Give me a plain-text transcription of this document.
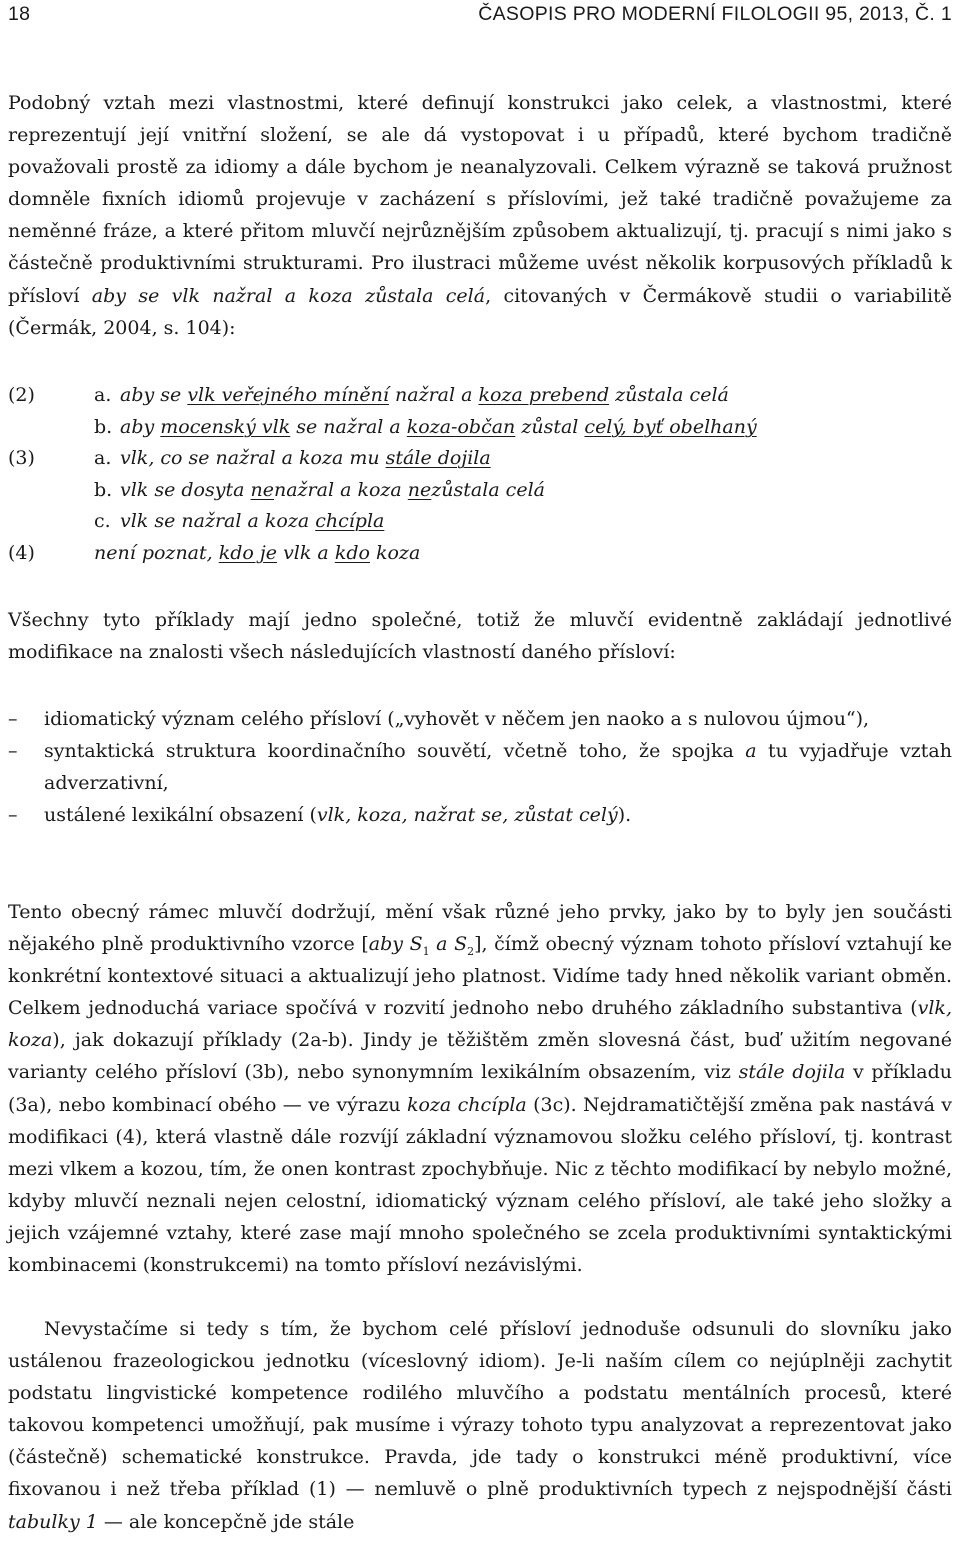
18	ČASOPIS PRO MODERNÍ FILOLOGII 95, 2013, Č. 1

Podobný vztah mezi vlastnostmi, které definují konstrukci jako celek, a vlastnostmi, které reprezentují její vnitřní složení, se ale dá vystopovat i u případů, které bychom tradičně považovali prostě za idiomy a dále bychom je neanalyzovali. Celkem výrazně se taková pružnost domněle fixních idiomů projevuje v zacházení s příslovími, jež také tradičně považujeme za neměnné fráze, a které přitom mluvčí nejrůznějším způsobem aktualizují, tj. pracují s nimi jako s částečně produktivními strukturami. Pro ilustraci můžeme uvést několik korpusových příkladů k přísloví aby se vlk nažral a koza zůstala celá, citovaných v Čermákově studii o variabilitě (Čermák, 2004, s. 104):

(2)	a. aby se vlk veřejného mínění nažral a koza prebend zůstala celá
b. aby mocenský vlk se nažral a koza-občan zůstal celý, byť obelhaný
(3)	a. vlk, co se nažral a koza mu stále dojila
b. vlk se dosyta nenažral a koza nezůstala celá
c. vlk se nažral a koza chcípla
(4)	není poznat, kdo je vlk a kdo koza

Všechny tyto příklady mají jedno společné, totiž že mluvčí evidentně zakládají jednotlivé modifikace na znalosti všech následujících vlastností daného přísloví:

– idiomatický význam celého přísloví („vyhovět v něčem jen naoko a s nulovou újmou“),
– syntaktická struktura koordinačního souvětí, včetně toho, že spojka a tu vyjadřuje vztah adverzativní,
– ustálené lexikální obsazení (vlk, koza, nažrat se, zůstat celý).

Tento obecný rámec mluvčí dodržují, mění však různé jeho prvky, jako by to byly jen součásti nějakého plně produktivního vzorce [aby $S_1$ a $S_2$], čímž obecný význam tohoto přísloví vztahují ke konkrétní kontextové situaci a aktualizují jeho platnost. Vidíme tady hned několik variant obměn. Celkem jednoduchá variace spočívá v rozvití jednoho nebo druhého základního substantiva (vlk, koza), jak dokazují příklady (2a-b). Jindy je těžištěm změn slovesná část, buď užitím negované varianty celého přísloví (3b), nebo synonymním lexikálním obsazením, viz stále dojila v příkladu (3a), nebo kombinací obého — ve výrazu koza chcípla (3c). Nejdramatičtější změna pak nastává v modifikaci (4), která vlastně dále rozvíjí základní významovou složku celého přísloví, tj. kontrast mezi vlkem a kozou, tím, že onen kontrast zpochybňuje. Nic z těchto modifikací by nebylo možné, kdyby mluvčí neznali nejen celostní, idiomatický význam celého přísloví, ale také jeho složky a jejich vzájemné vztahy, které zase mají mnoho společného se zcela produktivními syntaktickými kombinacemi (konstrukcemi) na tomto přísloví nezávislými.

Nevystačíme si tedy s tím, že bychom celé přísloví jednoduše odsunuli do slovníku jako ustálenou frazeologickou jednotku (víceslovný idiom). Je-li naším cílem co nejúplněji zachytit podstatu lingvistické kompetence rodilého mluvčího a podstatu mentálních procesů, které takovou kompetenci umožňují, pak musíme i výrazy tohoto typu analyzovat a reprezentovat jako (částečně) schematické konstrukce. Pravda, jde tady o konstrukci méně produktivní, více fixovanou i než třeba příklad (1) — nemluvě o plně produktivních typech z nejspodnější části tabulky 1 — ale koncepčně jde stále
